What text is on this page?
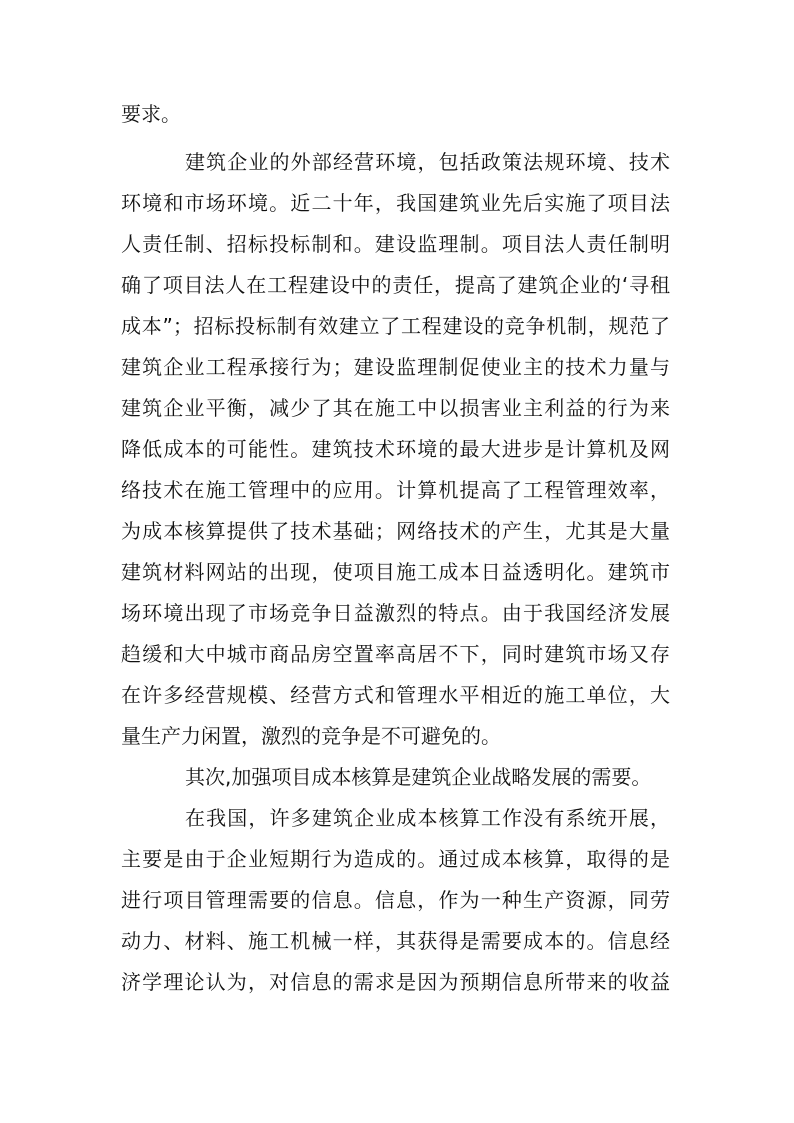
要求。
建筑企业的外部经营环境，包括政策法规环境、技术
环境和市场环境。近二十年，我国建筑业先后实施了项目法
人责任制、招标投标制和。建设监理制。项目法人责任制明
确了项目法人在工程建设中的责任，提高了建筑企业的‘寻租
成本”；招标投标制有效建立了工程建设的竞争机制，规范了
建筑企业工程承接行为；建设监理制促使业主的技术力量与
建筑企业平衡，减少了其在施工中以损害业主利益的行为来
降低成本的可能性。建筑技术环境的最大进步是计算机及网
络技术在施工管理中的应用。计算机提高了工程管理效率，
为成本核算提供了技术基础；网络技术的产生，尤其是大量
建筑材料网站的出现，使项目施工成本日益透明化。建筑市
场环境出现了市场竞争日益激烈的特点。由于我国经济发展
趋缓和大中城市商品房空置率高居不下，同时建筑市场又存
在许多经营规模、经营方式和管理水平相近的施工单位，大
量生产力闲置，激烈的竞争是不可避免的。
其次,加强项目成本核算是建筑企业战略发展的需要。
在我国，许多建筑企业成本核算工作没有系统开展，
主要是由于企业短期行为造成的。通过成本核算，取得的是
进行项目管理需要的信息。信息，作为一种生产资源，同劳
动力、材料、施工机械一样，其获得是需要成本的。信息经
济学理论认为，对信息的需求是因为预期信息所带来的收益
